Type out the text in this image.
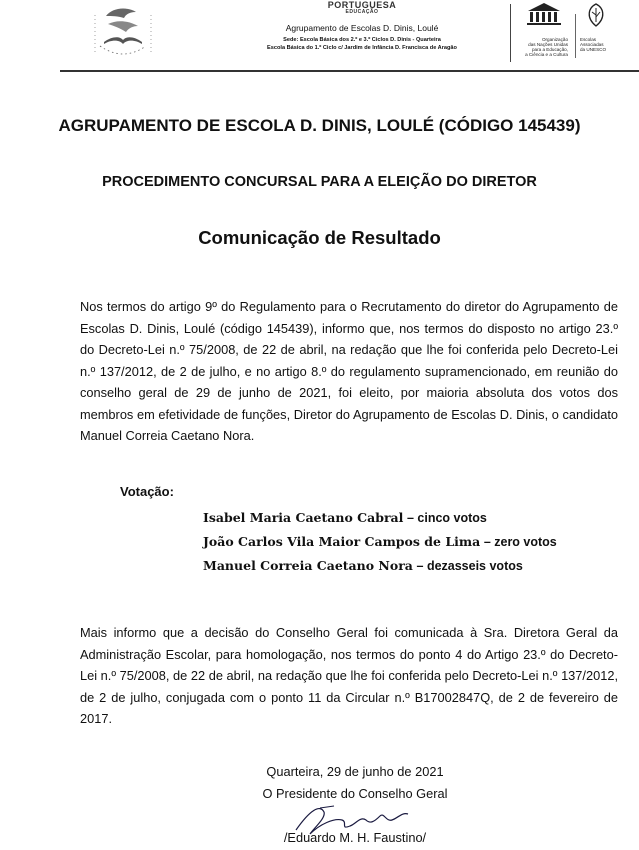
PORTUGUESA
EDUCAÇÃO
Agrupamento de Escolas D. Dinis, Loulé
Sede: Escola Básica dos 2.º e 3.º Ciclos D. Dinis - Quarteira
Escola Básica do 1.º Ciclo c/ Jardim de Infância D. Francisca de Aragão
Organização
das Nações Unidas
para a Educação,
a Ciência e a Cultura
Escolas
Associadas
da UNESCO
AGRUPAMENTO DE ESCOLA D. DINIS, LOULÉ (CÓDIGO 145439)
PROCEDIMENTO CONCURSAL PARA A ELEIÇÃO DO DIRETOR
Comunicação de Resultado

Nos termos do artigo 9º do Regulamento para o Recrutamento do diretor do Agrupamento de Escolas D. Dinis, Loulé (código 145439), informo que, nos termos do disposto no artigo 23.º do Decreto-Lei n.º 75/2008, de 22 de abril, na redação que lhe foi conferida pelo Decreto-Lei n.º 137/2012, de 2 de julho, e no artigo 8.º do regulamento supramencionado, em reunião do conselho geral de 29 de junho de 2021, foi eleito, por maioria absoluta dos votos dos membros em efetividade de funções, Diretor do Agrupamento de Escolas D. Dinis, o candidato Manuel Correia Caetano Nora.

Votação:
Isabel Maria Caetano Cabral – cinco votos
João Carlos Vila Maior Campos de Lima – zero votos
Manuel Correia Caetano Nora – dezasseis votos

Mais informo que a decisão do Conselho Geral foi comunicada à Sra. Diretora Geral da Administração Escolar, para homologação, nos termos do ponto 4 do Artigo 23.º do Decreto-Lei n.º 75/2008, de 22 de abril, na redação que lhe foi conferida pelo Decreto-Lei n.º 137/2012, de 2 de julho, conjugada com o ponto 11 da Circular n.º B17002847Q, de 2 de fevereiro de 2017.

Quarteira, 29 de junho de 2021
O Presidente do Conselho Geral
/Eduardo M. H. Faustino/
